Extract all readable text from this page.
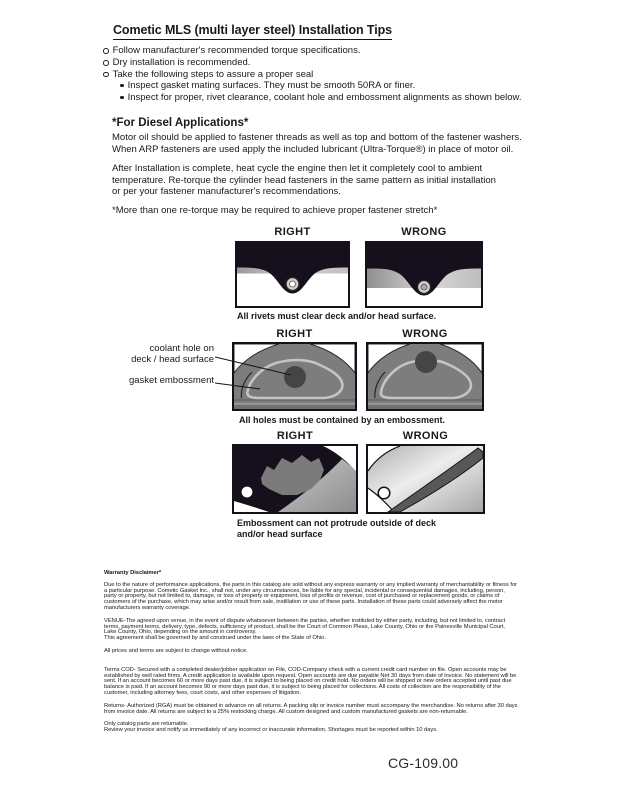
Cometic MLS (multi layer steel) Installation Tips
Follow manufacturer's recommended torque specifications.
Dry installation is recommended.
Take the following steps to assure a proper seal
Inspect gasket mating surfaces. They must be smooth 50RA or finer.
Inspect for proper, rivet clearance, coolant hole and embossment alignments as shown below.
*For Diesel Applications*
Motor oil should be applied to fastener threads as well as top and bottom of the fastener washers.
When ARP fasteners are used apply the included lubricant (Ultra-Torque®) in place of motor oil.
After Installation is complete, heat cycle the engine then let it completely cool to ambient
temperature. Re-torque the cylinder head fasteners in the same pattern as initial installation
or per your fastener manufacturer's recommendations.
*More than one re-torque may be required to achieve proper fastener stretch*
RIGHT	WRONG
All rivets must clear deck and/or head surface.
RIGHT	WRONG
coolant hole on
deck / head surface
gasket embossment
All holes must be contained by an embossment.
RIGHT	WRONG
Embossment can not protrude outside of deck
and/or head surface

Warranty Disclaimer*

Due to the nature of performance applications, the parts in this catalog are sold without any express warranty or any implied warranty of merchantability or fitness for a particular purpose. Cometic Gasket Inc., shall not, under any circumstances, be liable for any special, incidental or consequential damages, including, person, party or property, but not limited to, damage, or loss of property or equipment, loss of profits or revenue, cost of purchased or replacement goods, or claims of customers of the purchase, which may arise and/or result from sale, instillation or use of these parts. Installation of these parts could adversely affect the motor manufacturers warranty coverage.

VENUE-The agreed upon venue, in the event of dispute whatsoever between the parties, whether instituted by either party, including, but not limited to, contract terms, payment terms, delivery, type, defects, sufficiency of product, shall be the Court of Common Pleas, Lake County, Ohio or the Painesville Municipal Court, Lake County, Ohio, depending on the amount in controversy.
This agreement shall be governed by and construed under the laws of the State of Ohio.

All prices and terms are subject to change without notice.

Terms COD- Secured with a completed dealer/jobber application on File, COD-Company check with a current credit card number on file. Open accounts may be established by well rated firms. A credit application is available upon request. Open accounts are due payable Net 30 days from date of invoice. No statement will be sent. If an account becomes 60 or more days past due, it is subject to being placed on credit hold. No orders will be shipped or new orders accepted until past due balance is paid. If an account becomes 90 or more days past due, it is subject to being placed for collections. All costs of collection are the responsibility of the customer, including attorney fees, court costs, and other expenses of litigation.

Returns- Authorized (RGA) must be obtained in advance on all returns. A packing slip or invoice number must accompany the merchandise. No returns after 30 days from invoice date. All returns are subject to a 25% restocking charge. All custom designed and custom manufactured gaskets are non-returnable.

Only catalog parts are returnable.
Review your invoice and notify us immediately of any incorrect or inaccurate information. Shortages must be reported within 10 days.

CG-109.00
